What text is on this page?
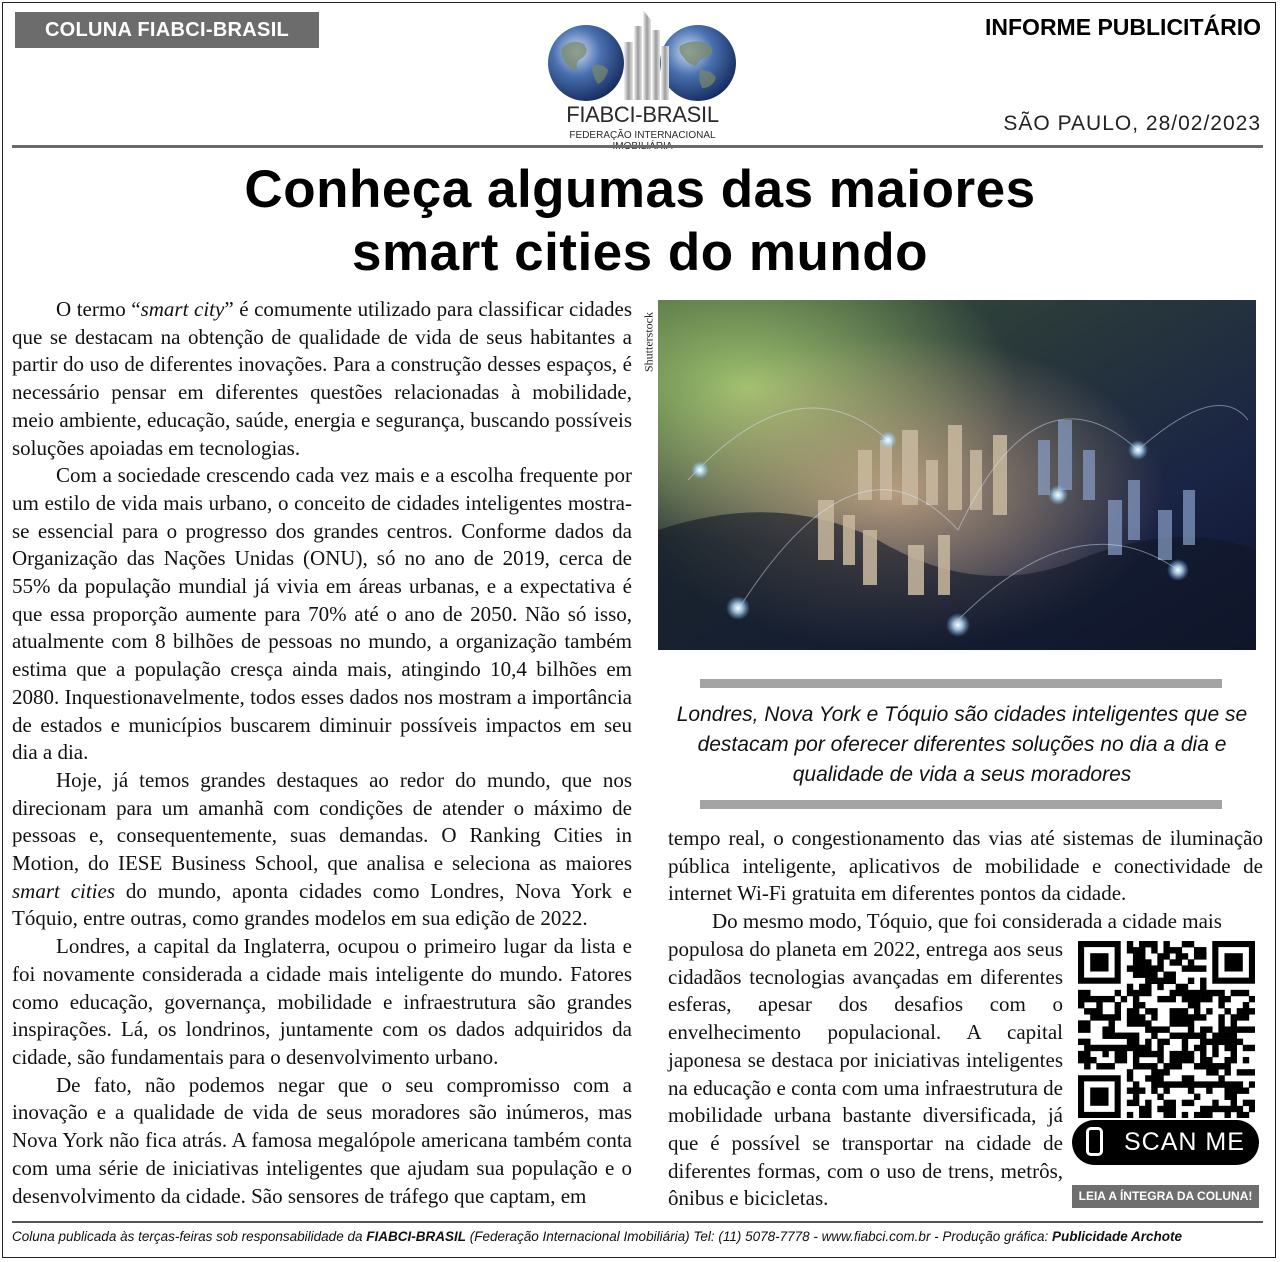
COLUNA FIABCI-BRASIL	INFORME PUBLICITÁRIO
FIABCI-BRASIL
FEDERAÇÃO INTERNACIONAL
SÃO PAULO, 28/02/2023
Conheça algumas das maiores
smart cities do mundo

O termo “smart city” é comumente utilizado para classificar cidades que se destacam na obtenção de qualidade de vida de seus habitantes a partir do uso de diferentes inovações. Para a construção desses espaços, é necessário pensar em diferentes questões relacionadas à mobilidade, meio ambiente, educação, saúde, energia e segurança, buscando possíveis soluções apoiadas em tecnologias.

Com a sociedade crescendo cada vez mais e a escolha frequente por um estilo de vida mais urbano, o conceito de cidades inteligentes mostra-se essencial para o progresso dos grandes centros. Conforme dados da Organização das Nações Unidas (ONU), só no ano de 2019, cerca de 55% da população mundial já vivia em áreas urbanas, e a expectativa é que essa proporção aumente para 70% até o ano de 2050. Não só isso, atualmente com 8 bilhões de pessoas no mundo, a organização também estima que a população cresça ainda mais, atingindo 10,4 bilhões em 2080. Inquestionavelmente, todos esses dados nos mostram a importância de estados e municípios buscarem diminuir possíveis impactos em seu dia a dia.

Hoje, já temos grandes destaques ao redor do mundo, que nos direcionam para um amanhã com condições de atender o máximo de pessoas e, consequentemente, suas demandas. O Ranking Cities in Motion, do IESE Business School, que analisa e seleciona as maiores smart cities do mundo, aponta cidades como Londres, Nova York e Tóquio, entre outras, como grandes modelos em sua edição de 2022.

Londres, a capital da Inglaterra, ocupou o primeiro lugar da lista e foi novamente considerada a cidade mais inteligente do mundo. Fatores como educação, governança, mobilidade e infraestrutura são grandes inspirações. Lá, os londrinos, juntamente com os dados adquiridos da cidade, são fundamentais para o desenvolvimento urbano.

De fato, não podemos negar que o seu compromisso com a inovação e a qualidade de vida de seus moradores são inúmeros, mas Nova York não fica atrás. A famosa megalópole americana também conta com uma série de iniciativas inteligentes que ajudam sua população e o desenvolvimento da cidade. São sensores de tráfego que captam, em

Shutterstock
Londres, Nova York e Tóquio são cidades inteligentes que se destacam por oferecer diferentes soluções no dia a dia e qualidade de vida a seus moradores

tempo real, o congestionamento das vias até sistemas de iluminação pública inteligente, aplicativos de mobilidade e conectividade de internet Wi-Fi gratuita em diferentes pontos da cidade.

Do mesmo modo, Tóquio, que foi considerada a cidade mais

populosa do planeta em 2022, entrega aos seus cidadãos tecnologias avançadas em diferentes esferas, apesar dos desafios com o envelhecimento populacional. A capital japonesa se destaca por iniciativas inteligentes na educação e conta com uma infraestrutura de mobilidade urbana bastante diversificada, já que é possível se transportar na cidade de diferentes formas, com o uso de trens, metrôs, ônibus e bicicletas.

SCAN ME
LEIA A ÍNTEGRA DA COLUNA!
Coluna publicada às terças-feiras sob responsabilidade da FIABCI-BRASIL (Federação Internacional Imobiliária) Tel: (11) 5078-7778 - www.fiabci.com.br - Produção gráfica: Publicidade Archote
